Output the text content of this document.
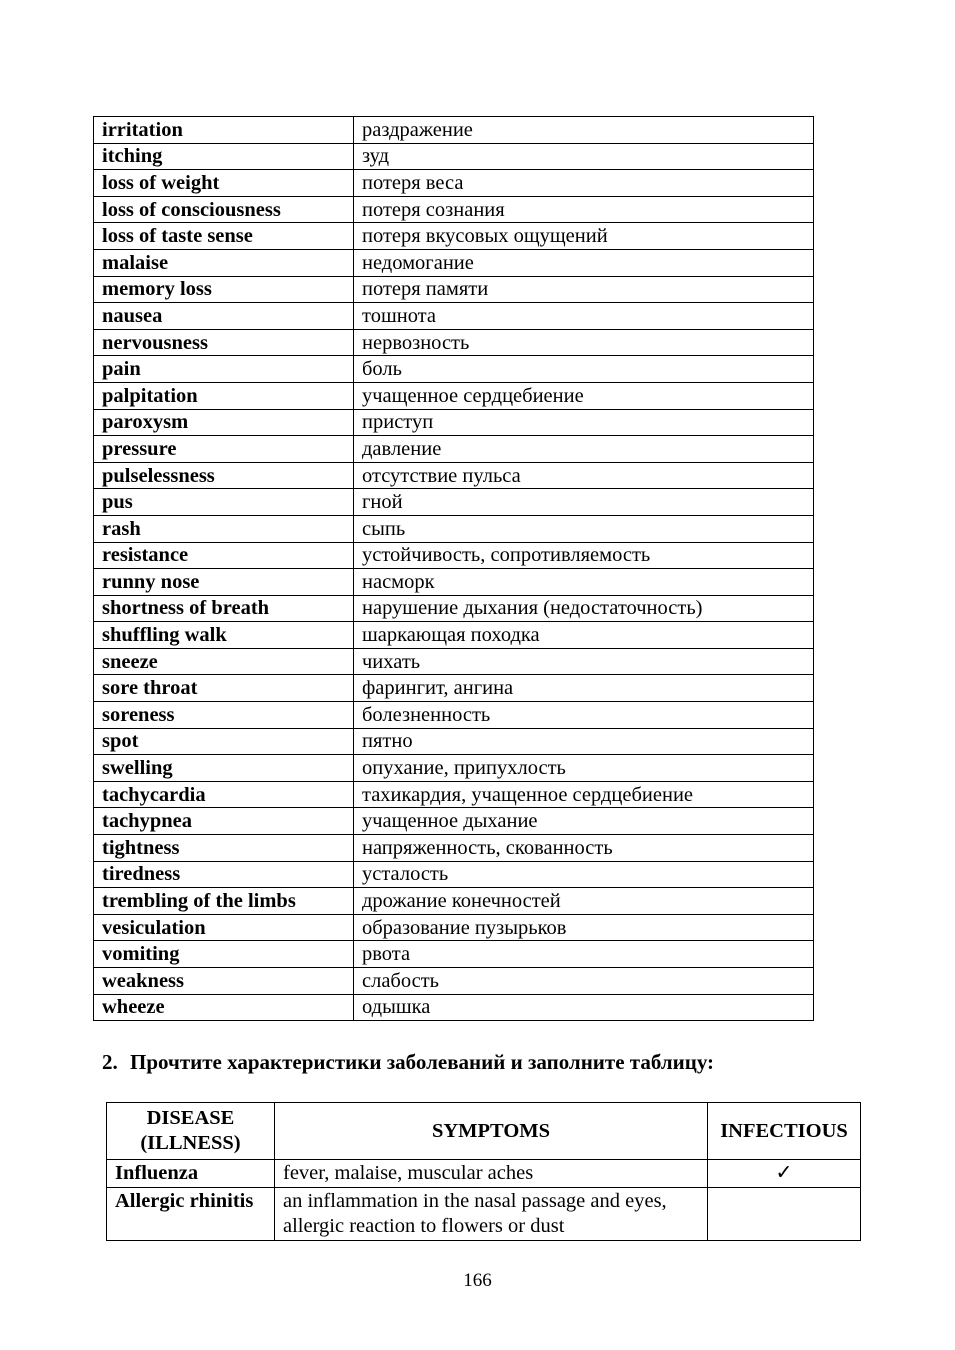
irritation	раздражение
itching	зуд
loss of weight	потеря веса
loss of consciousness	потеря сознания
loss of taste sense	потеря вкусовых ощущений
malaise	недомогание
memory loss	потеря памяти
nausea	тошнота
nervousness	нервозность
pain	боль
palpitation	учащенное сердцебиение
paroxysm	приступ
pressure	давление
pulselessness	отсутствие пульса
pus	гной
rash	сыпь
resistance	устойчивость, сопротивляемость
runny nose	насморк
shortness of breath	нарушение дыхания (недостаточность)
shuffling walk	шаркающая походка
sneeze	чихать
sore throat	фарингит, ангина
soreness	болезненность
spot	пятно
swelling	опухание, припухлость
tachycardia	тахикардия, учащенное сердцебиение
tachypnea	учащенное дыхание
tightness	напряженность, скованность
tiredness	усталость
trembling of the limbs	дрожание конечностей
vesiculation	образование пузырьков
vomiting	рвота
weakness	слабость
wheeze	одышка
2. Прочтите характеристики заболеваний и заполните таблицу:
DISEASE
(ILLNESS)	SYMPTOMS	INFECTIOUS
Influenza	fever, malaise, muscular aches	✓
Allergic rhinitis	an inflammation in the nasal passage and eyes,
allergic reaction to flowers or dust	

166
